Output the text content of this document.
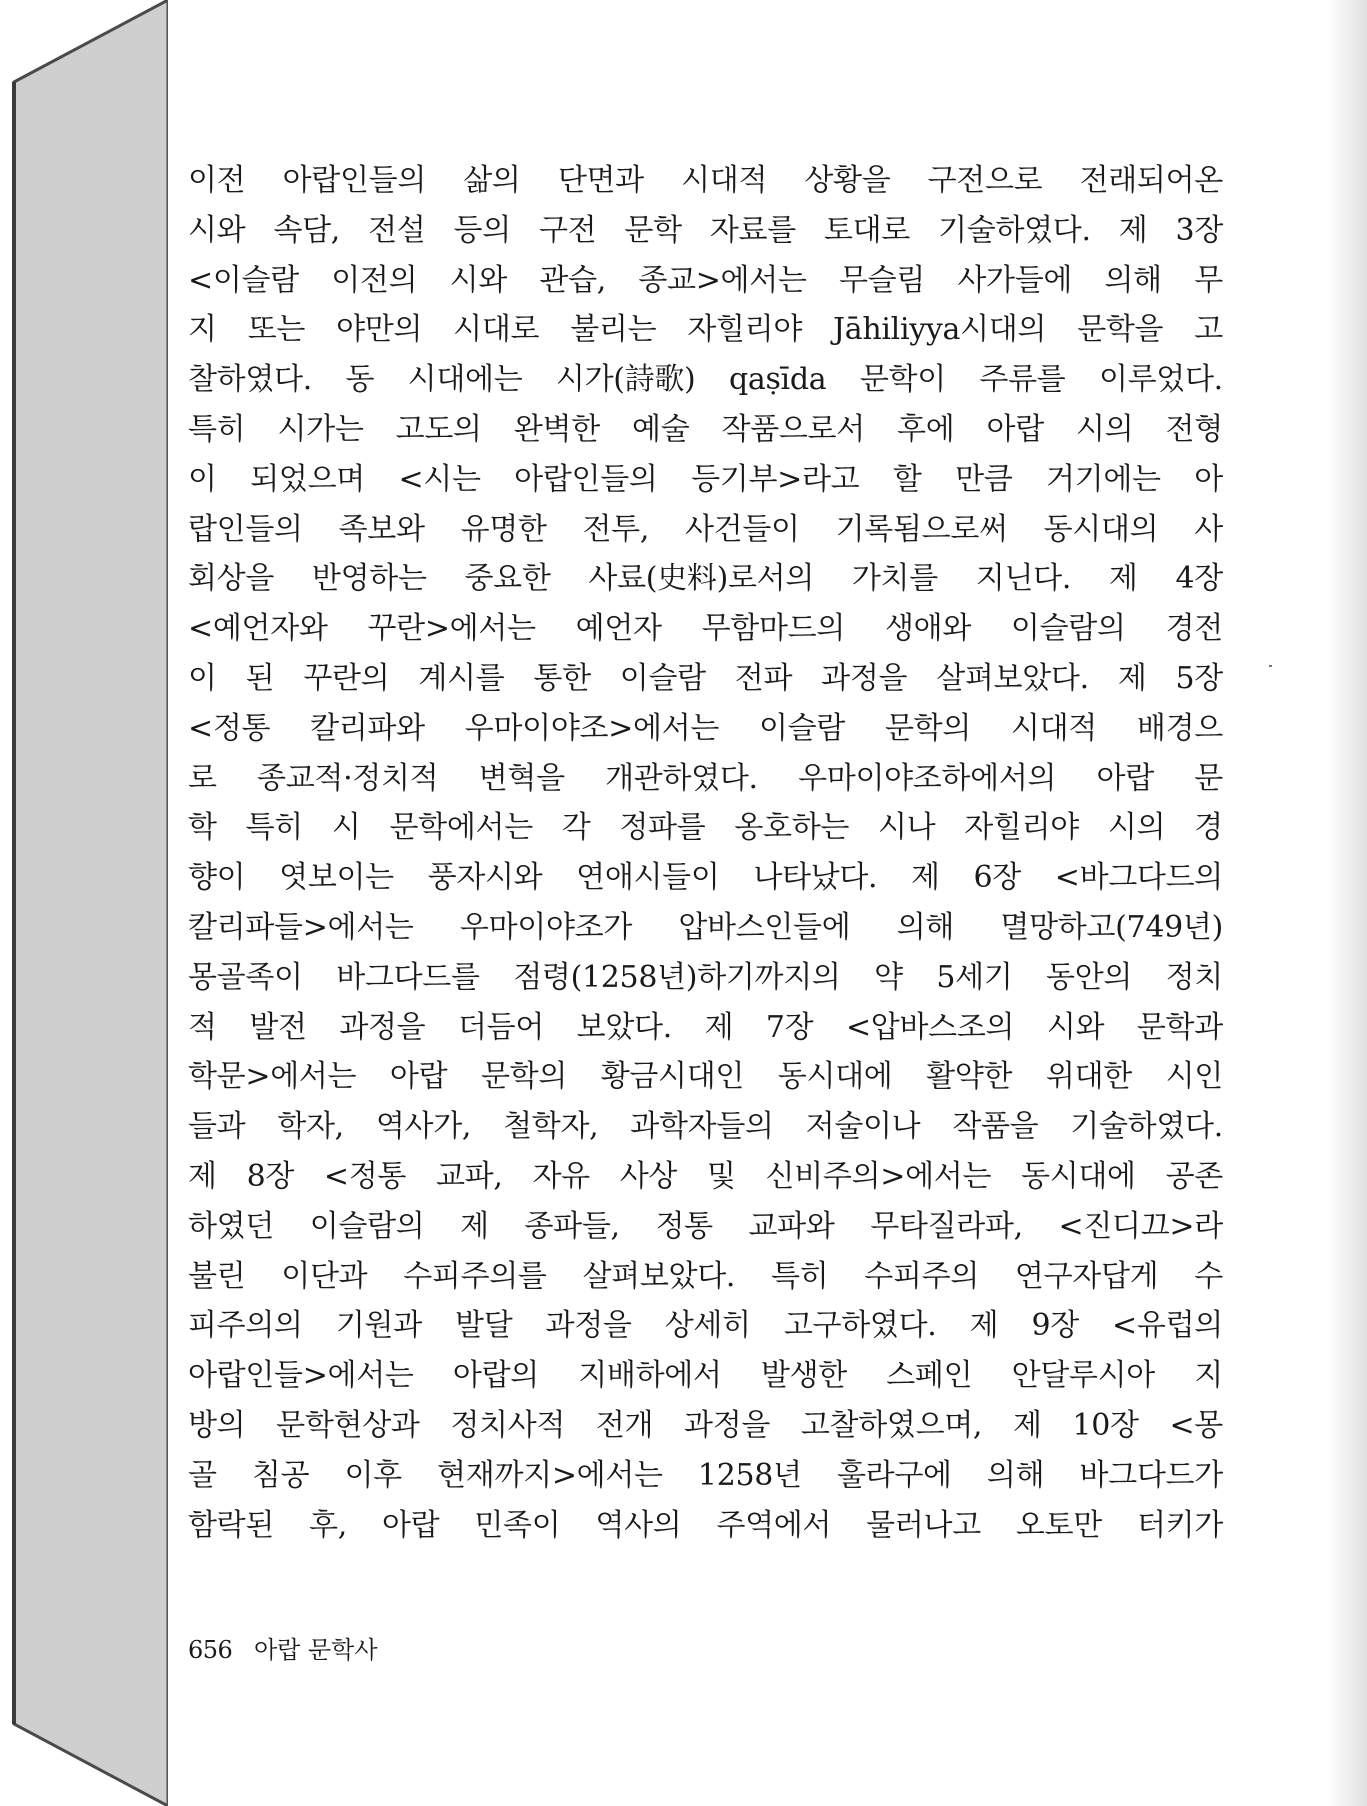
이전 아랍인들의 삶의 단면과 시대적 상황을 구전으로 전래되어온
시와 속담, 전설 등의 구전 문학 자료를 토대로 기술하였다. 제 3장
<이슬람 이전의 시와 관습, 종교>에서는 무슬림 사가들에 의해 무
지 또는 야만의 시대로 불리는 자힐리야 Jāhiliyya시대의 문학을 고
찰하였다. 동 시대에는 시가(詩歌) qaṣīda 문학이 주류를 이루었다.
특히 시가는 고도의 완벽한 예술 작품으로서 후에 아랍 시의 전형
이 되었으며 <시는 아랍인들의 등기부>라고 할 만큼 거기에는 아
랍인들의 족보와 유명한 전투, 사건들이 기록됨으로써 동시대의 사
회상을 반영하는 중요한 사료(史料)로서의 가치를 지닌다. 제 4장
<예언자와 꾸란>에서는 예언자 무함마드의 생애와 이슬람의 경전
이 된 꾸란의 계시를 통한 이슬람 전파 과정을 살펴보았다. 제 5장
<정통 칼리파와 우마이야조>에서는 이슬람 문학의 시대적 배경으
로 종교적·정치적 변혁을 개관하였다. 우마이야조하에서의 아랍 문
학 특히 시 문학에서는 각 정파를 옹호하는 시나 자힐리야 시의 경
향이 엿보이는 풍자시와 연애시들이 나타났다. 제 6장 <바그다드의
칼리파들>에서는 우마이야조가 압바스인들에 의해 멸망하고(749년)
몽골족이 바그다드를 점령(1258년)하기까지의 약 5세기 동안의 정치
적 발전 과정을 더듬어 보았다. 제 7장 <압바스조의 시와 문학과
학문>에서는 아랍 문학의 황금시대인 동시대에 활약한 위대한 시인
들과 학자, 역사가, 철학자, 과학자들의 저술이나 작품을 기술하였다.
제 8장 <정통 교파, 자유 사상 및 신비주의>에서는 동시대에 공존
하였던 이슬람의 제 종파들, 정통 교파와 무타질라파, <진디끄>라
불린 이단과 수피주의를 살펴보았다. 특히 수피주의 연구자답게 수
피주의의 기원과 발달 과정을 상세히 고구하였다. 제 9장 <유럽의
아랍인들>에서는 아랍의 지배하에서 발생한 스페인 안달루시아 지
방의 문학현상과 정치사적 전개 과정을 고찰하였으며, 제 10장 <몽
골 침공 이후 현재까지>에서는 1258년 훌라구에 의해 바그다드가
함락된 후, 아랍 민족이 역사의 주역에서 물러나고 오토만 터키가
656 아랍 문학사
